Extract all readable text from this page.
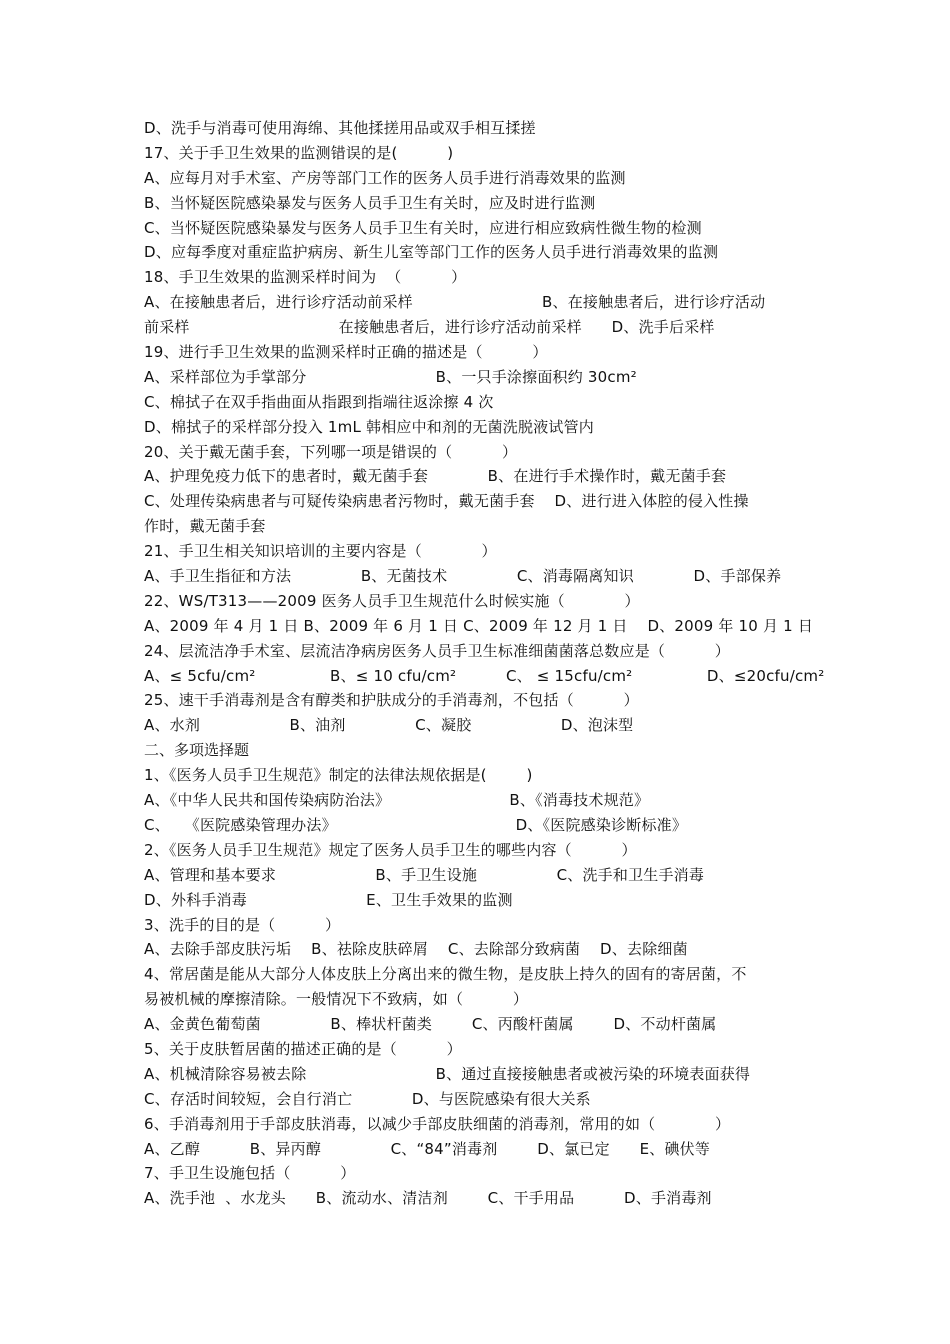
D、洗手与消毒可使用海绵、其他揉搓用品或双手相互揉搓
17、关于手卫生效果的监测错误的是(          )
A、应每月对手术室、产房等部门工作的医务人员手进行消毒效果的监测
B、当怀疑医院感染暴发与医务人员手卫生有关时，应及时进行监测
C、当怀疑医院感染暴发与医务人员手卫生有关时，应进行相应致病性微生物的检测
D、应每季度对重症监护病房、新生儿室等部门工作的医务人员手进行消毒效果的监测
18、手卫生效果的监测采样时间为  （          ）
A、在接触患者后，进行诊疗活动前采样                          B、在接触患者后，进行诊疗活动
前采样                              在接触患者后，进行诊疗活动前采样      D、洗手后采样
19、进行手卫生效果的监测采样时正确的描述是（          ）
A、采样部位为手掌部分                          B、一只手涂擦面积约 30cm²
C、棉拭子在双手指曲面从指跟到指端往返涂擦 4 次
D、棉拭子的采样部分投入 1mL 韩相应中和剂的无菌洗脱液试管内
20、关于戴无菌手套，下列哪一项是错误的（          ）
A、护理免疫力低下的患者时，戴无菌手套            B、在进行手术操作时，戴无菌手套
C、处理传染病患者与可疑传染病患者污物时，戴无菌手套    D、进行进入体腔的侵入性操
作时，戴无菌手套
21、手卫生相关知识培训的主要内容是（            ）
A、手卫生指征和方法              B、无菌技术              C、消毒隔离知识            D、手部保养
22、WS/T313——2009 医务人员手卫生规范什么时候实施（            ）
A、2009 年 4 月 1 日 B、2009 年 6 月 1 日 C、2009 年 12 月 1 日    D、2009 年 10 月 1 日
24、层流洁净手术室、层流洁净病房医务人员手卫生标准细菌菌落总数应是（          ）
A、≤ 5cfu/cm²               B、≤ 10 cfu/cm²          C、 ≤ 15cfu/cm²               D、≤20cfu/cm²
25、速干手消毒剂是含有醇类和护肤成分的手消毒剂，不包括（          ）
A、水剂                  B、油剂              C、凝胶                  D、泡沫型
二、多项选择题
1、《医务人员手卫生规范》制定的法律法规依据是(        )
A、《中华人民共和国传染病防治法》                        B、《消毒技术规范》
C、   《医院感染管理办法》                                    D、《医院感染诊断标准》
2、《医务人员手卫生规范》规定了医务人员手卫生的哪些内容（          ）
A、管理和基本要求                    B、手卫生设施                C、洗手和卫生手消毒
D、外科手消毒                        E、卫生手效果的监测
3、洗手的目的是（          ）
A、去除手部皮肤污垢    B、祛除皮肤碎屑    C、去除部分致病菌    D、去除细菌
4、常居菌是能从大部分人体皮肤上分离出来的微生物，是皮肤上持久的固有的寄居菌，不
易被机械的摩擦清除。一般情况下不致病，如（          ）
A、金黄色葡萄菌              B、棒状杆菌类        C、丙酸杆菌属        D、不动杆菌属
5、关于皮肤暂居菌的描述正确的是（          ）
A、机械清除容易被去除                          B、通过直接接触患者或被污染的环境表面获得
C、存活时间较短，会自行消亡            D、与医院感染有很大关系
6、手消毒剂用于手部皮肤消毒，以减少手部皮肤细菌的消毒剂，常用的如（            ）
A、乙醇          B、异丙醇              C、“84”消毒剂        D、氯已定      E、碘伏等
7、手卫生设施包括（          ）
A、洗手池  、水龙头      B、流动水、清洁剂        C、干手用品          D、手消毒剂
